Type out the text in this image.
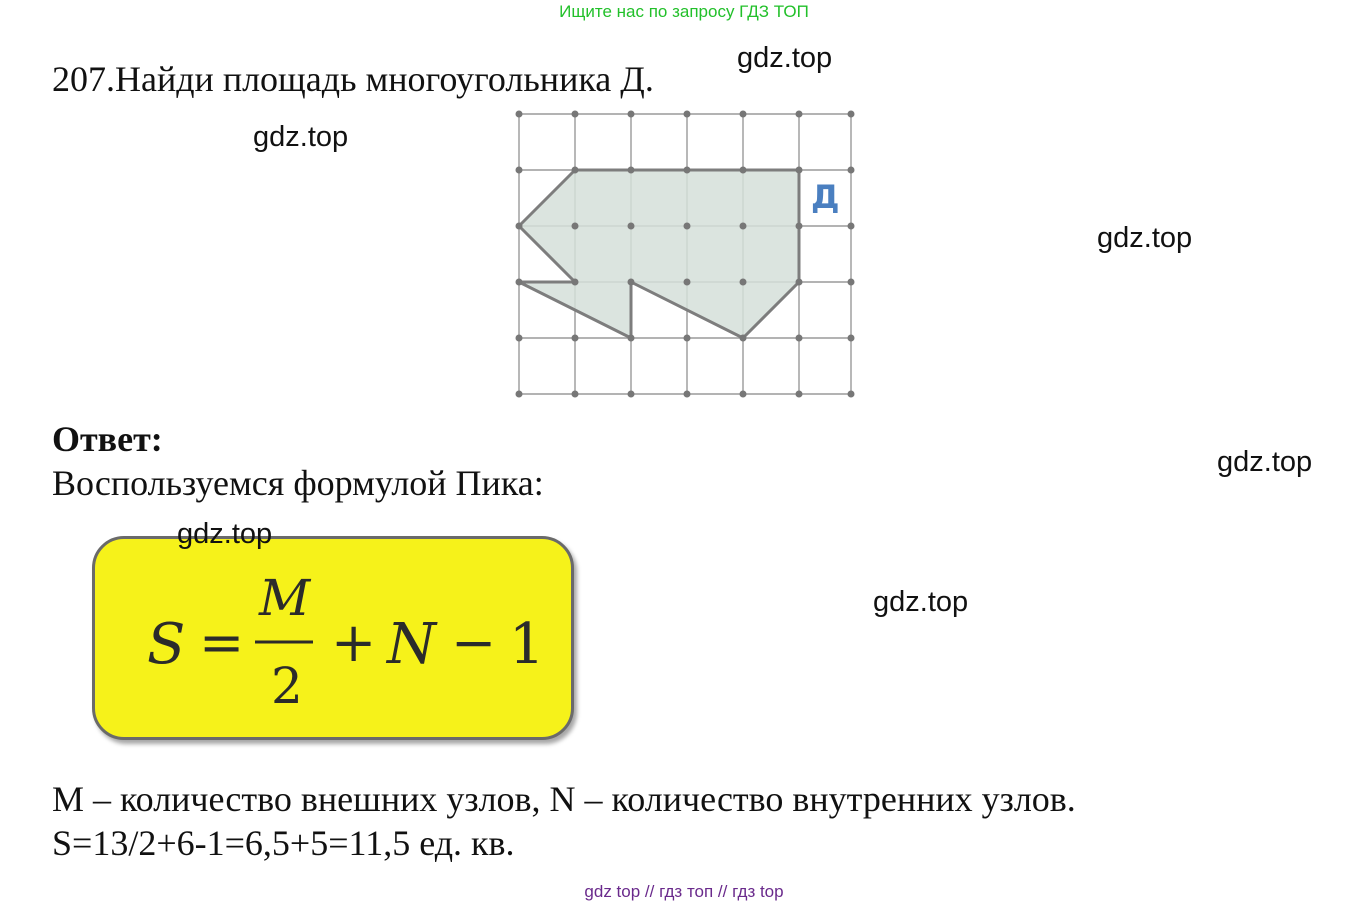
Ищите нас по запросу ГДЗ ТОП
207.Найди площадь многоугольника Д.
gdz.top
gdz.top
gdz.top
gdz.top
gdz.top
Д
Ответ:
Воспользуемся формулой Пика:
S
M
N
=
2
+ − 1
gdz.top
M – количество внешних узлов, N – количество внутренних узлов.
S=13/2+6-1=6,5+5=11,5 ед. кв.
gdz top // гдз топ // гдз top
